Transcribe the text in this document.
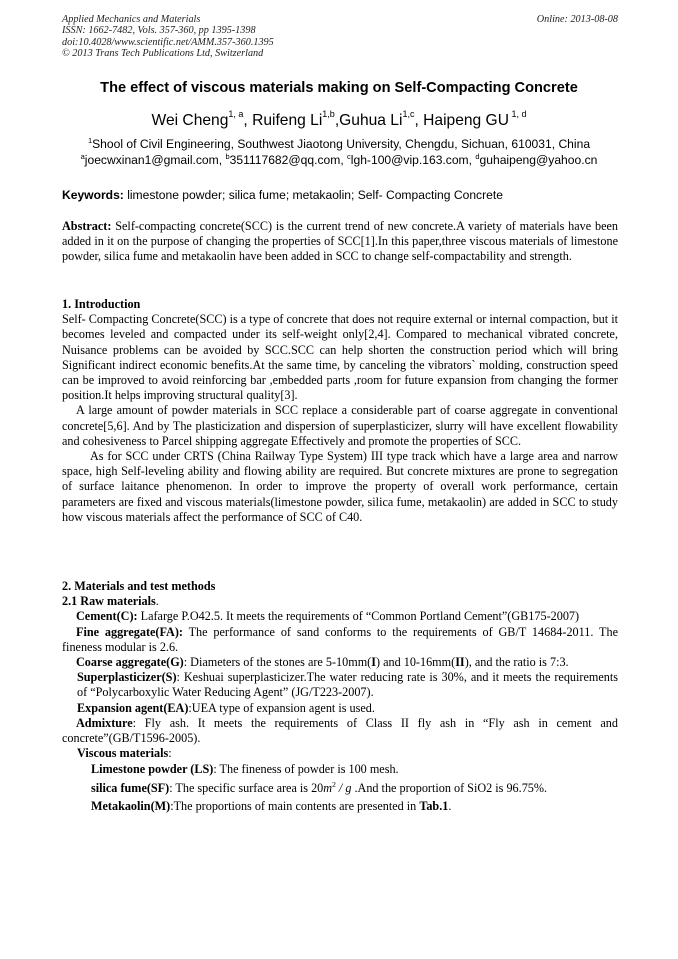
Applied Mechanics and Materials
ISSN: 1662-7482, Vols. 357-360, pp 1395-1398
doi:10.4028/www.scientific.net/AMM.357-360.1395
© 2013 Trans Tech Publications Ltd, Switzerland
Online: 2013-08-08
The effect of viscous materials making on Self-Compacting Concrete
Wei Cheng$^{1, a}$, Ruifeng Li$^{1,b}$,Guhua Li$^{1,c}$, Haipeng GU $^{1, d}$
$^1$Shool of Civil Engineering, Southwest Jiaotong University, Chengdu, Sichuan, 610031, China
$^a$joecwxinan1@gmail.com, $^b$351117682@qq.com, $^c$lgh-100@vip.163.com, $^d$guhaipeng@yahoo.cn
Keywords: limestone powder; silica fume; metakaolin; Self- Compacting Concrete

Abstract: Self-compacting concrete(SCC) is the current trend of new concrete.A variety of materials have been added in it on the purpose of changing the properties of SCC[1].In this paper,three viscous materials of limestone powder, silica fume and metakaolin have been added in SCC to change self-compactability and strength.

1. Introduction

Self- Compacting Concrete(SCC) is a type of concrete that does not require external or internal compaction, but it becomes leveled and compacted under its self-weight only[2,4]. Compared to mechanical vibrated concrete, Nuisance problems can be avoided by SCC.SCC can help shorten the construction period which will bring Significant indirect economic benefits.At the same time, by canceling the vibrators` molding, construction speed can be improved to avoid reinforcing bar ,embedded parts ,room for future expansion from changing the former position.It helps improving structural quality[3].

A large amount of powder materials in SCC replace a considerable part of coarse aggregate in conventional concrete[5,6]. And by The plasticization and dispersion of superplasticizer, slurry will have excellent flowability and cohesiveness to Parcel shipping aggregate Effectively and promote the properties of SCC.

As for SCC under CRTS (China Railway Type System) III type track which have a large area and narrow space, high Self-leveling ability and flowing ability are required. But concrete mixtures are prone to segregation of surface laitance phenomenon. In order to improve the property of overall work performance, certain parameters are fixed and viscous materials(limestone powder, silica fume, metakaolin) are added in SCC to study how viscous materials affect the performance of SCC of C40.

2. Materials and test methods

2.1 Raw materials.

Cement(C): Lafarge P.O42.5. It meets the requirements of “Common Portland Cement”(GB175-2007)

Fine aggregate(FA): The performance of sand conforms to the requirements of GB/T 14684-2011. The fineness modular is 2.6.

Coarse aggregate(G): Diameters of the stones are 5-10mm(I) and 10-16mm(II), and the ratio is 7:3.

Superplasticizer(S): Keshuai superplasticizer.The water reducing rate is 30%, and it meets the requirements of “Polycarboxylic Water Reducing Agent” (JG/T223-2007).

Expansion agent(EA):UEA type of expansion agent is used.

Admixture: Fly ash. It meets the requirements of Class II fly ash in “Fly ash in cement and concrete”(GB/T1596-2005).

Viscous materials:

Limestone powder (LS): The fineness of powder is 100 mesh.

silica fume(SF): The specific surface area is $20m^2$ / g .And the proportion of SiO2 is 96.75%.

Metakaolin(M):The proportions of main contents are presented in Tab.1.
